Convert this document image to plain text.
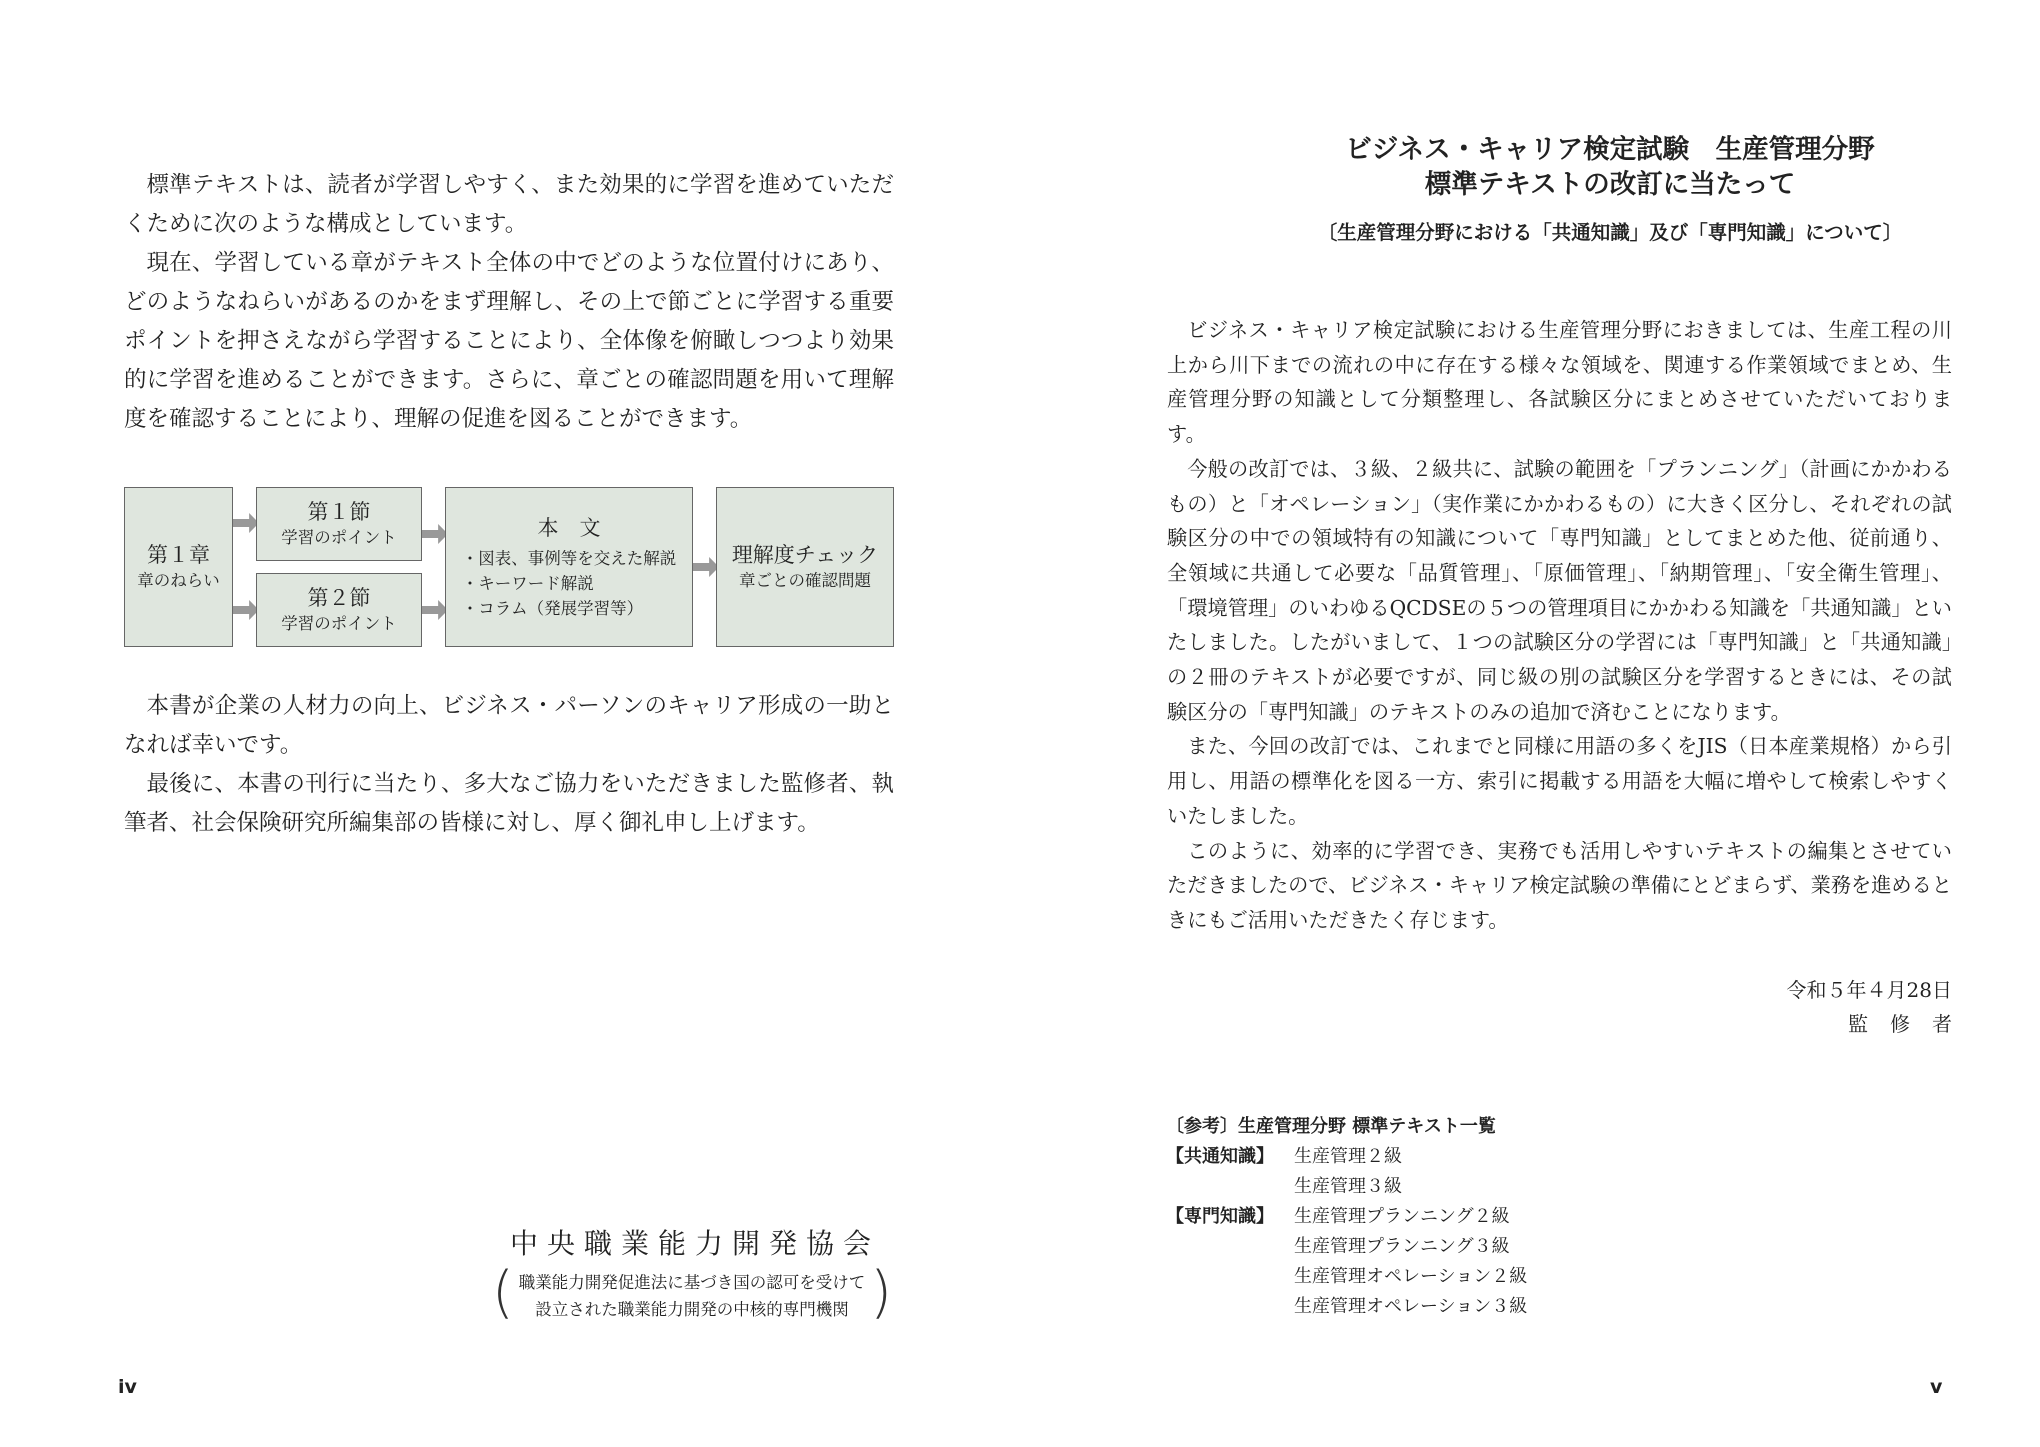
標準テキストは、読者が学習しやすく、また効果的に学習を進めていただくために次のような構成としています。

現在、学習している章がテキスト全体の中でどのような位置付けにあり、どのようなねらいがあるのかをまず理解し、その上で節ごとに学習する重要ポイントを押さえながら学習することにより、全体像を俯瞰しつつより効果的に学習を進めることができます。さらに、章ごとの確認問題を用いて理解度を確認することにより、理解の促進を図ることができます。

第１章
章のねらい
第１節
学習のポイント
第２節
学習のポイント
本　文
・図表、事例等を交えた解説
・キーワード解説
・コラム（発展学習等）
理解度チェック
章ごとの確認問題

本書が企業の人材力の向上、ビジネス・パーソンのキャリア形成の一助となれば幸いです。

最後に、本書の刊行に当たり、多大なご協力をいただきました監修者、執筆者、社会保険研究所編集部の皆様に対し、厚く御礼申し上げます。

中央職業能力開発協会
( 職業能力開発促進法に基づき国の認可を受けて
設立された職業能力開発の中核的専門機関 )
iv
ビジネス・キャリア検定試験　生産管理分野
標準テキストの改訂に当たって
〔生産管理分野における「共通知識」及び「専門知識」について〕

ビジネス・キャリア検定試験における生産管理分野におきましては、生産工程の川上から川下までの流れの中に存在する様々な領域を、関連する作業領域でまとめ、生産管理分野の知識として分類整理し、各試験区分にまとめさせていただいております。

今般の改訂では、３級、２級共に、試験の範囲を「プランニング」（計画にかかわるもの）と「オペレーション」（実作業にかかわるもの）に大きく区分し、それぞれの試験区分の中での領域特有の知識について「専門知識」としてまとめた他、従前通り、全領域に共通して必要な「品質管理」、「原価管理」、「納期管理」、「安全衛生管理」、「環境管理」のいわゆるQCDSEの５つの管理項目にかかわる知識を「共通知識」といたしました。したがいまして、１つの試験区分の学習には「専門知識」と「共通知識」の２冊のテキストが必要ですが、同じ級の別の試験区分を学習するときには、その試験区分の「専門知識」のテキストのみの追加で済むことになります。

また、今回の改訂では、これまでと同様に用語の多くをJIS（日本産業規格）から引用し、用語の標準化を図る一方、索引に掲載する用語を大幅に増やして検索しやすくいたしました。

このように、効率的に学習でき、実務でも活用しやすいテキストの編集とさせていただきましたので、ビジネス・キャリア検定試験の準備にとどまらず、業務を進めるときにもご活用いただきたく存じます。

令和５年４月28日
監修者
〔参考〕生産管理分野 標準テキスト一覧
【共通知識】	生産管理２級
生産管理３級
【専門知識】	生産管理プランニング２級
生産管理プランニング３級
生産管理オペレーション２級
生産管理オペレーション３級
v
